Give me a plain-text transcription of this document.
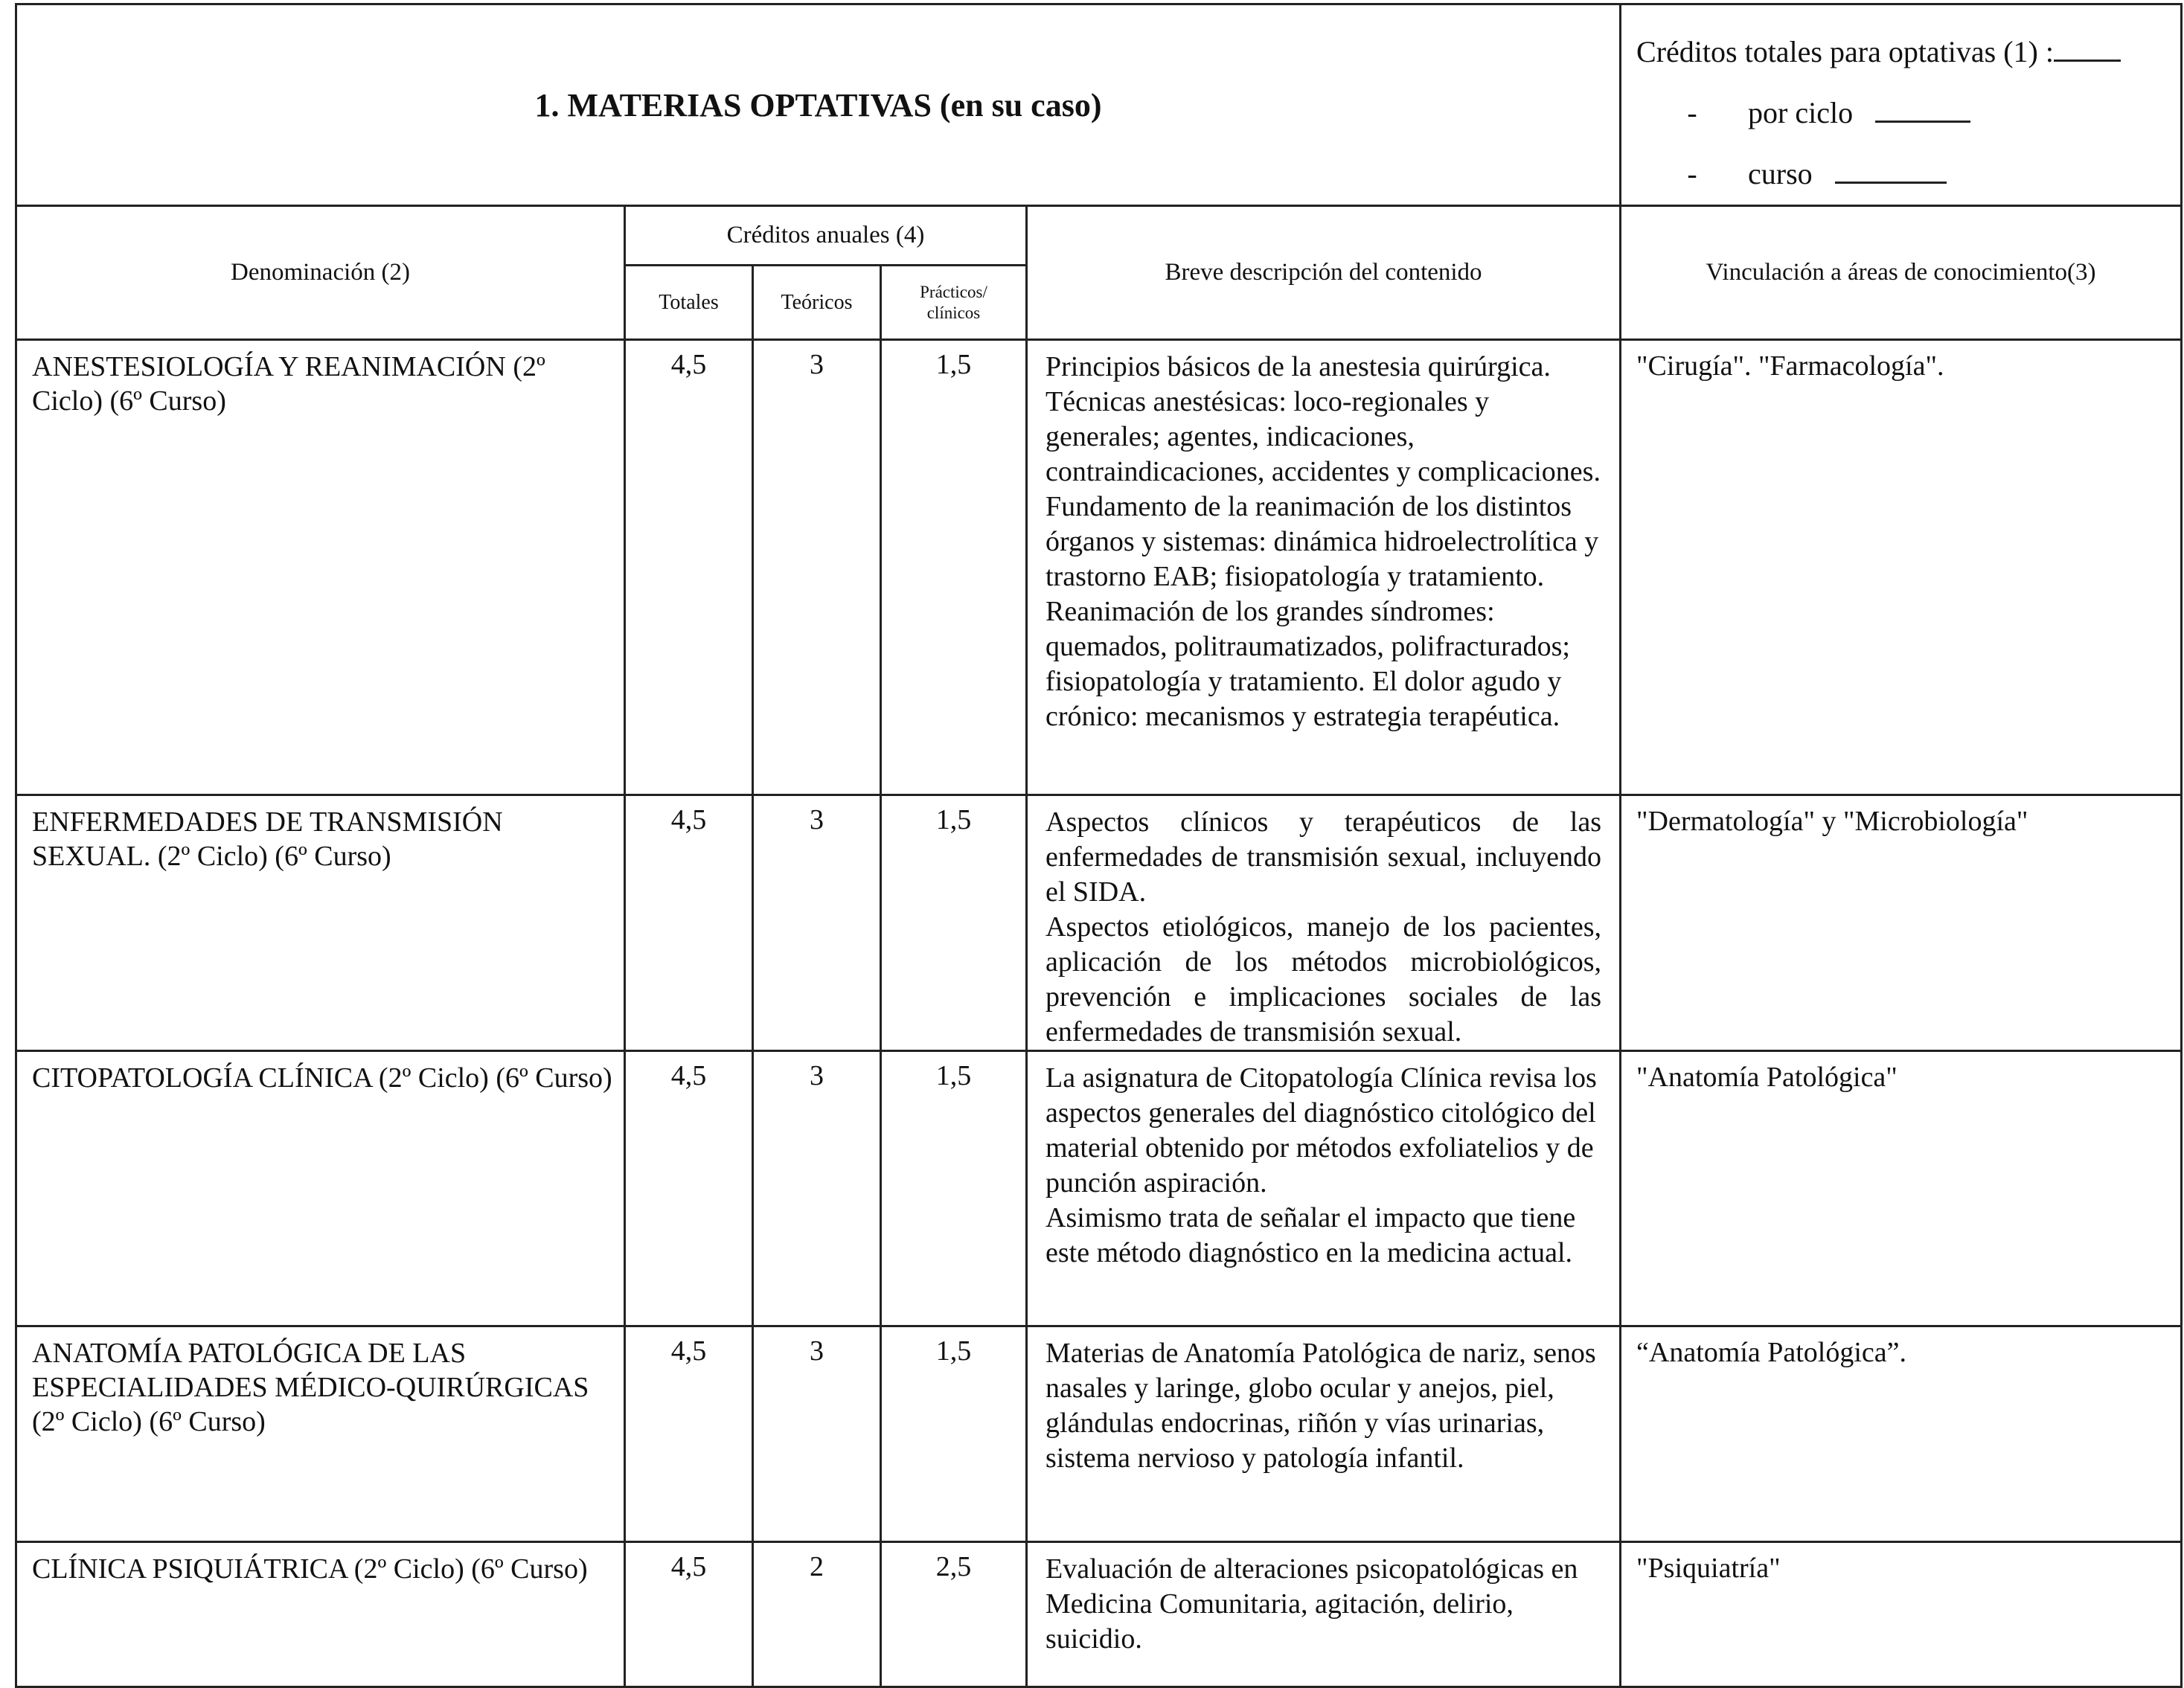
1. MATERIAS OPTATIVAS (en su caso)					Créditos totales para optativas (1) :
- por ciclo
- curso

Denominación (2)	Créditos anuales (4)			Breve descripción del contenido	Vinculación a áreas de conocimiento(3)
	Totales	Teóricos	Prácticos/
clínicos		
ANESTESIOLOGÍA Y REANIMACIÓN (2º Ciclo) (6º Curso)	4,5	3	1,5	Principios básicos de la anestesia quirúrgica. Técnicas anestésicas: loco-regionales y generales; agentes, indicaciones, contraindicaciones, accidentes y complicaciones. Fundamento de la reanimación de los distintos órganos y sistemas: dinámica hidroelectrolítica y trastorno EAB; fisiopatología y tratamiento. Reanimación de los grandes síndromes: quemados, politraumatizados, polifracturados; fisiopatología y tratamiento. El dolor agudo y crónico: mecanismos y estrategia terapéutica.	"Cirugía". "Farmacología".
ENFERMEDADES DE TRANSMISIÓN SEXUAL. (2º Ciclo) (6º Curso)	4,5	3	1,5	Aspectos clínicos y terapéuticos de las enfermedades de transmisión sexual, incluyendo el SIDA.
Aspectos etiológicos, manejo de los pacientes, aplicación de los métodos microbiológicos, prevención e implicaciones sociales de las enfermedades de transmisión sexual.	"Dermatología" y "Microbiología"
CITOPATOLOGÍA CLÍNICA (2º Ciclo) (6º Curso)	4,5	3	1,5	La asignatura de Citopatología Clínica revisa los aspectos generales del diagnóstico citológico del material obtenido por métodos exfoliatelios y de punción aspiración.
Asimismo trata de señalar el impacto que tiene este método diagnóstico en la medicina actual.	"Anatomía Patológica"
ANATOMÍA PATOLÓGICA DE LAS ESPECIALIDADES MÉDICO-QUIRÚRGICAS (2º Ciclo) (6º Curso)	4,5	3	1,5	Materias de Anatomía Patológica de nariz, senos nasales y laringe, globo ocular y anejos, piel, glándulas endocrinas, riñón y vías urinarias, sistema nervioso y patología infantil.	“Anatomía Patológica”.
CLÍNICA PSIQUIÁTRICA (2º Ciclo) (6º Curso)	4,5	2	2,5	Evaluación de alteraciones psicopatológicas en Medicina Comunitaria, agitación, delirio, suicidio.	"Psiquiatría"
